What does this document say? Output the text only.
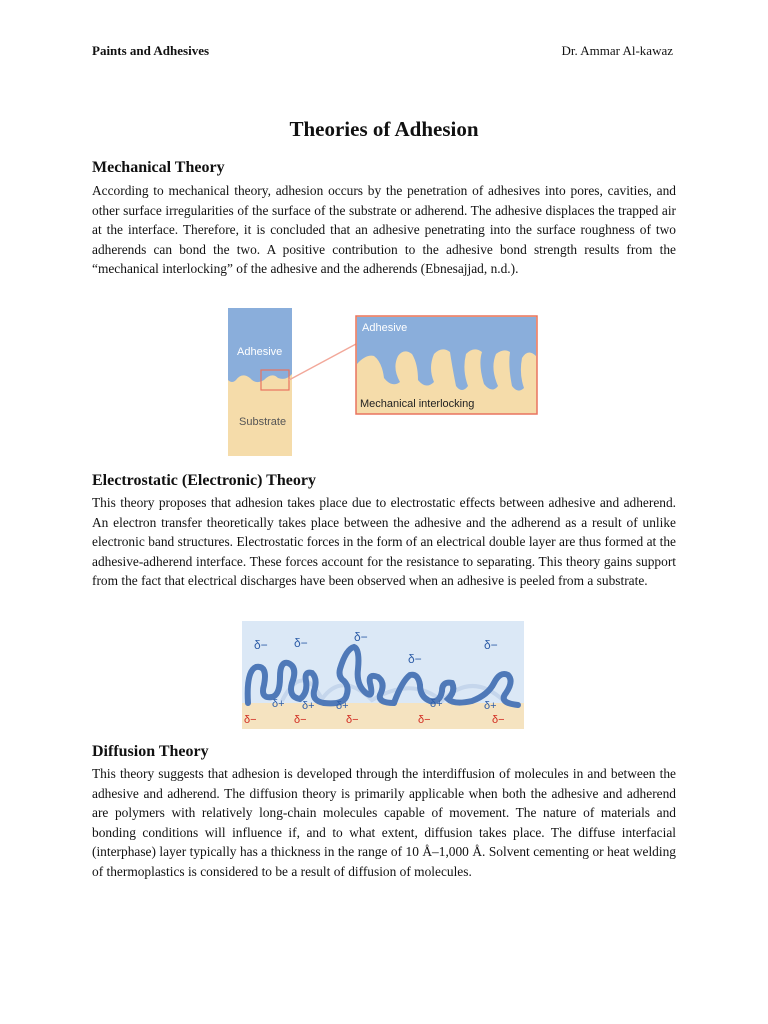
Paints and Adhesives	Dr. Ammar Al-kawaz
Theories of Adhesion
Mechanical Theory

According to mechanical theory, adhesion occurs by the penetration of adhesives into pores, cavities, and other surface irregularities of the surface of the substrate or adherend. The adhesive displaces the trapped air at the interface. Therefore, it is concluded that an adhesive penetrating into the surface roughness of two adherends can bond the two. A positive contribution to the adhesive bond strength results from the “mechanical interlocking” of the adhesive and the adherends (Ebnesajjad, n.d.).

Adhesive
Substrate
Adhesive
Mechanical interlocking
Electrostatic (Electronic) Theory

This theory proposes that adhesion takes place due to electrostatic effects between adhesive and adherend. An electron transfer theoretically takes place between the adhesive and the adherend as a result of unlike electronic band structures. Electrostatic forces in the form of an electrical double layer are thus formed at the adhesive-adherend interface. These forces account for the resistance to separating. This theory gains support from the fact that electrical discharges have been observed when an adhesive is peeled from a substrate.

δ− δ−	δ−
δ−
δ−
δ+ δ+ δ+	δ+	δ+
δ−	δ−	δ−	δ−	δ−
Diffusion Theory

This theory suggests that adhesion is developed through the interdiffusion of molecules in and between the adhesive and adherend. The diffusion theory is primarily applicable when both the adhesive and adherend are polymers with relatively long-chain molecules capable of movement. The nature of materials and bonding conditions will influence if, and to what extent, diffusion takes place. The diffuse interfacial (interphase) layer typically has a thickness in the range of 10 Å–1,000 Å. Solvent cementing or heat welding of thermoplastics is considered to be a result of diffusion of molecules.
